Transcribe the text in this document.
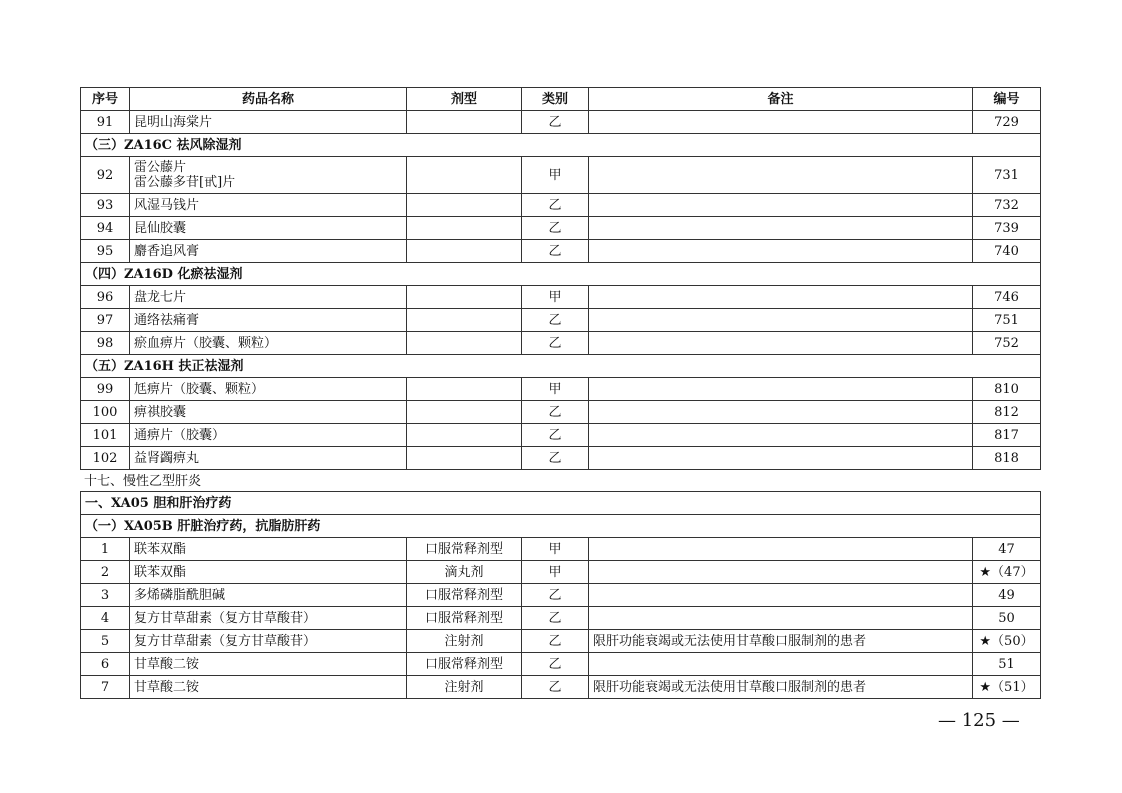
序号	药品名称	剂型	类别	备注	编号
91	昆明山海棠片		乙		729
（三）ZA16C 祛风除湿剂					
92	雷公藤片
雷公藤多苷[甙]片		甲		731
93	风湿马钱片		乙		732
94	昆仙胶囊		乙		739
95	麝香追风膏		乙		740
（四）ZA16D 化瘀祛湿剂					
96	盘龙七片		甲		746
97	通络祛痛膏		乙		751
98	瘀血痹片（胶囊、颗粒）		乙		752
（五）ZA16H 扶正祛湿剂					
99	尪痹片（胶囊、颗粒）		甲		810
100	痹祺胶囊		乙		812
101	通痹片（胶囊）		乙		817
102	益肾蠲痹丸		乙		818
十七、慢性乙型肝炎
一、XA05 胆和肝治疗药					
（一）XA05B 肝脏治疗药，抗脂肪肝药					
1	联苯双酯	口服常释剂型	甲		47
2	联苯双酯	滴丸剂	甲		★（47）
3	多烯磷脂酰胆碱	口服常释剂型	乙		49
4	复方甘草甜素（复方甘草酸苷）	口服常释剂型	乙		50
5	复方甘草甜素（复方甘草酸苷）	注射剂	乙	限肝功能衰竭或无法使用甘草酸口服制剂的患者	★（50）
6	甘草酸二铵	口服常释剂型	乙		51
7	甘草酸二铵	注射剂	乙	限肝功能衰竭或无法使用甘草酸口服制剂的患者	★（51）
— 125 —
